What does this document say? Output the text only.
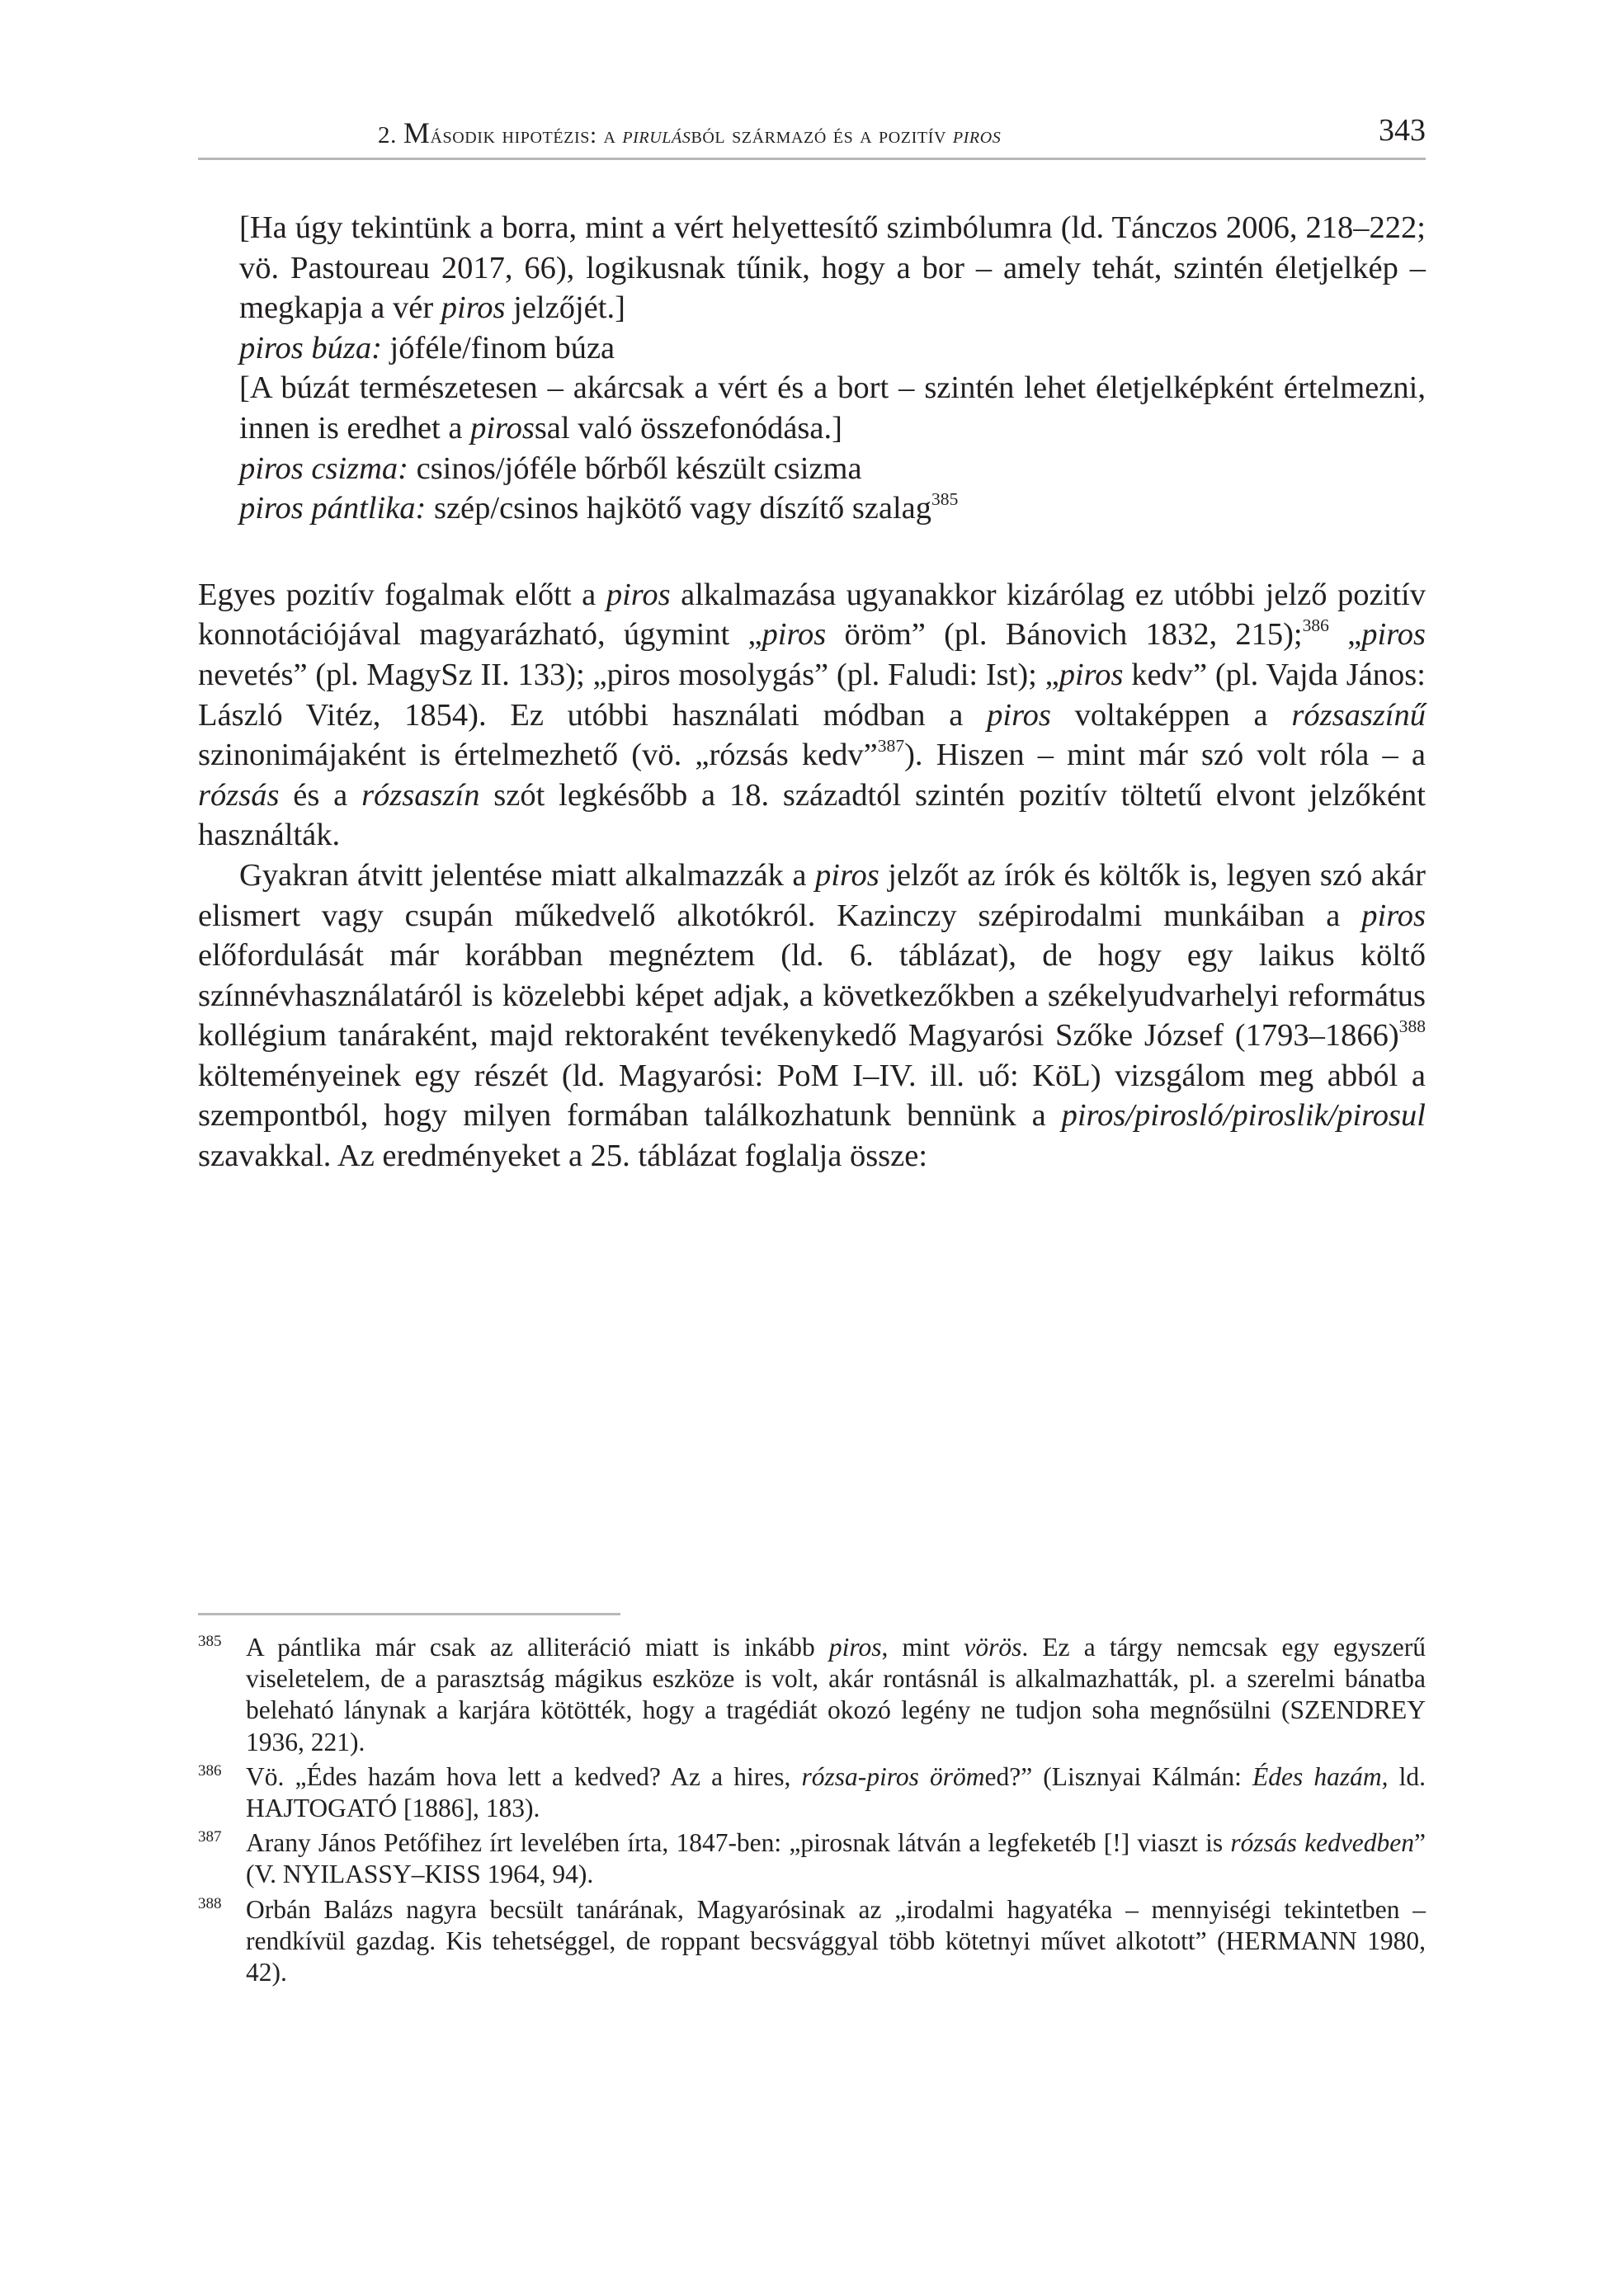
2. Második hipotézis: a pirulásból származó és a pozitív piros	343

[Ha úgy tekintünk a borra, mint a vért helyettesítő szimbólumra (ld. Tánczos 2006, 218–222; vö. Pastoureau 2017, 66), logikusnak tűnik, hogy a bor – amely tehát, szintén életjelkép – megkapja a vér piros jelzőjét.]

piros búza: jóféle/finom búza

[A búzát természetesen – akárcsak a vért és a bort – szintén lehet életjelképként értelmezni, innen is eredhet a pirossal való összefonódása.]

piros csizma: csinos/jóféle bőrből készült csizma

piros pántlika: szép/csinos hajkötő vagy díszítő szalag$^{385}$

Egyes pozitív fogalmak előtt a piros alkalmazása ugyanakkor kizárólag ez utóbbi jelző pozitív konnotációjával magyarázható, úgymint „piros öröm” (pl. Bánovich 1832, 215);$^{386}$ „piros nevetés” (pl. MagySz II. 133); „piros mosolygás” (pl. Faludi: Ist); „piros kedv” (pl. Vajda János: László Vitéz, 1854). Ez utóbbi használati módban a piros voltaképpen a rózsaszínű szinonimájaként is értelmezhető (vö. „rózsás kedv”$^{387}$). Hiszen – mint már szó volt róla – a rózsás és a rózsaszín szót legkésőbb a 18. századtól szintén pozitív töltetű elvont jelzőként használták.

Gyakran átvitt jelentése miatt alkalmazzák a piros jelzőt az írók és költők is, legyen szó akár elismert vagy csupán műkedvelő alkotókról. Kazinczy szépirodalmi munkáiban a piros előfordulását már korábban megnéztem (ld. 6. táblázat), de hogy egy laikus költő színnévhasználatáról is közelebbi képet adjak, a következőkben a székelyudvarhelyi református kollégium tanáraként, majd rektoraként tevékenykedő Magyarósi Szőke József (1793–1866)$^{388}$ költeményeinek egy részét (ld. Magyarósi: PoM I–IV. ill. uő: KöL) vizsgálom meg abból a szempontból, hogy milyen formában találkozhatunk bennünk a piros/pirosló/piroslik/pirosul szavakkal. Az eredményeket a 25. táblázat foglalja össze:

385 A pántlika már csak az alliteráció miatt is inkább piros, mint vörös. Ez a tárgy nemcsak egy egyszerű viseletelem, de a parasztság mágikus eszköze is volt, akár rontásnál is alkalmazhatták, pl. a szerelmi bánatba beleható lánynak a karjára kötötték, hogy a tragédiát okozó legény ne tudjon soha megnősülni (SZENDREY 1936, 221).

386 Vö. „Édes hazám hova lett a kedved? Az a hires, rózsa-piros örömed?” (Lisznyai Kálmán: Édes hazám, ld. HAJTOGATÓ [1886], 183).

387 Arany János Petőfihez írt levelében írta, 1847-ben: „pirosnak látván a legfeketéb [!] viaszt is rózsás kedvedben” (V. NYILASSY–KISS 1964, 94).

388 Orbán Balázs nagyra becsült tanárának, Magyarósinak az „irodalmi hagyatéka – mennyiségi tekintetben – rendkívül gazdag. Kis tehetséggel, de roppant becsvággyal több kötetnyi művet alkotott” (HERMANN 1980, 42).
